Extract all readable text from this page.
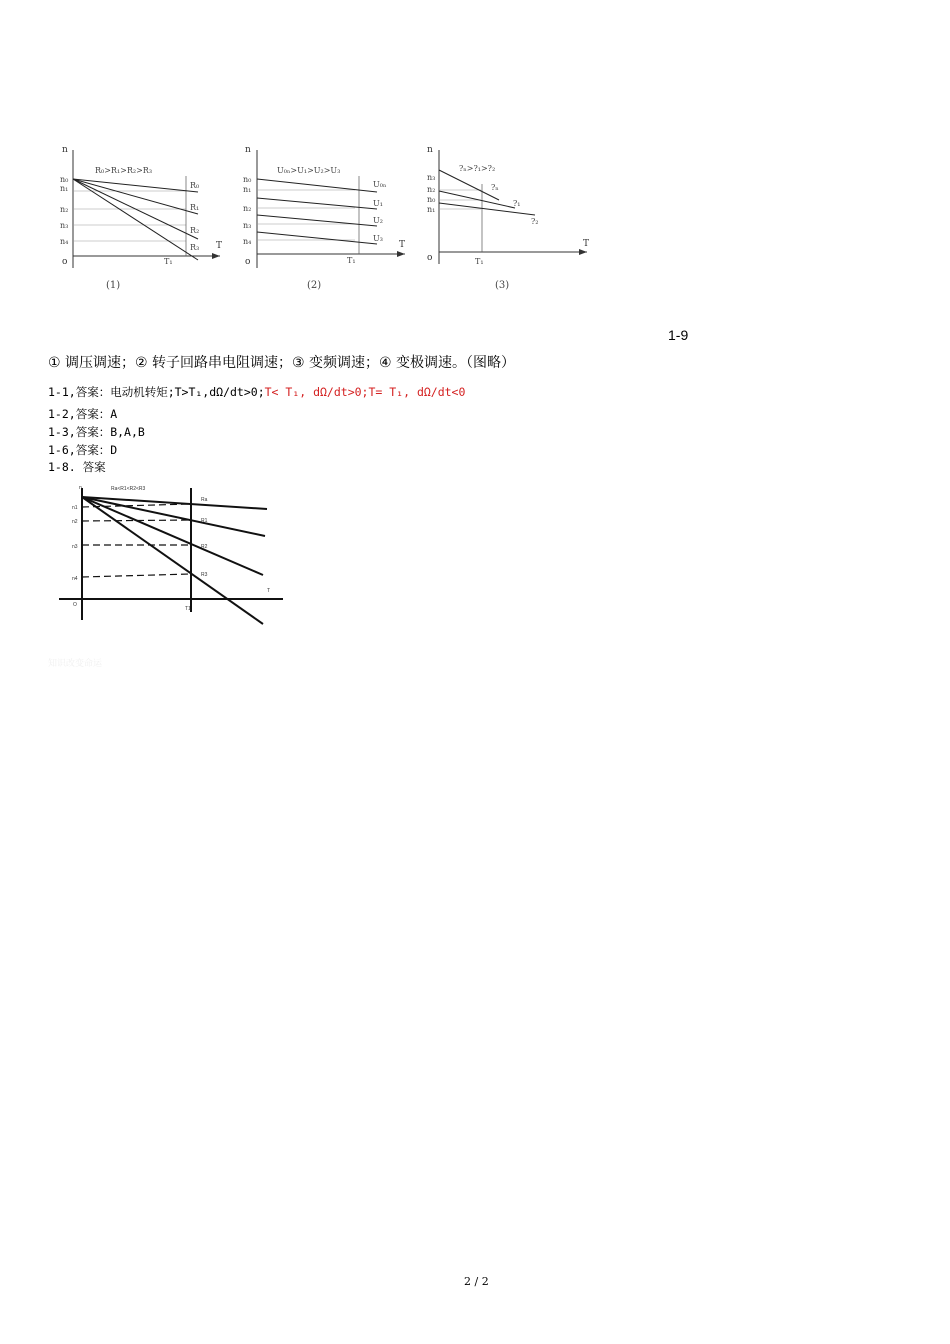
n
T
o
R₀>R₁>R₂>R₃
n₀
n₁
n₂
n₃
n₄
T₁
R₀
R₁
R₂
R₃
(1)
n
T
o
U₀ₙ>U₁>U₂>U₃
n₀
n₁
n₂
n₃
n₄
T₁
U₀ₙ
U₁
U₂
U₃
(2)
n
T
o
?ₙ>?₁>?₂
n₃
n₂
n₀
n₁
T₁
?ₙ
?₁
?₂
(3)
1-9
① 调压调速；② 转子回路串电阻调速；③ 变频调速；④ 变极调速。（图略）
1-1,答案：电动机转矩;T>T₁,dΩ/dt>0;T< T₁, dΩ/dt>0;T= T₁, dΩ/dt<0
1-2,答案：A
1-3,答案：B,A,B
1-6,答案：D
1-8. 答案
n
T
O
Ra<R1<R2<R3
T1
n1
n2
n3
n4
Ra
R1
R2
R3
知识改变命运
2 / 2
